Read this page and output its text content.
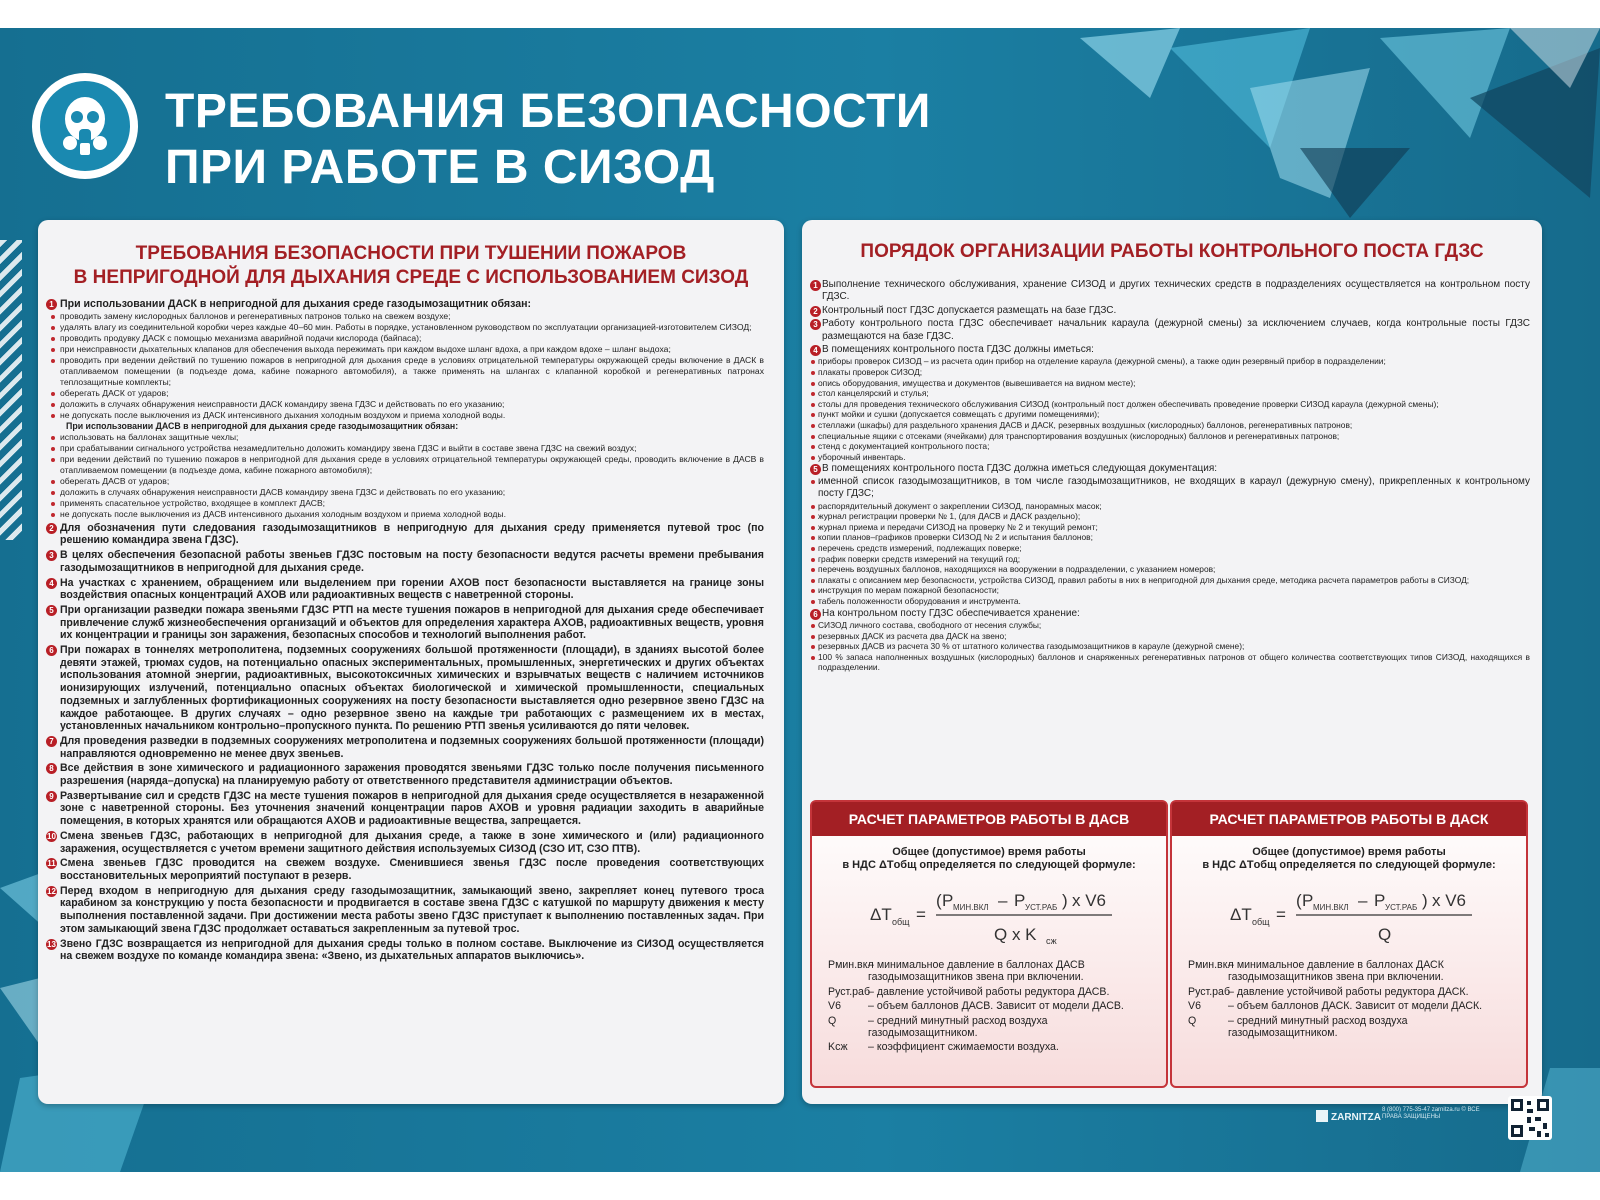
ТРЕБОВАНИЯ БЕЗОПАСНОСТИ
ПРИ РАБОТЕ В СИЗОД
ТРЕБОВАНИЯ БЕЗОПАСНОСТИ ПРИ ТУШЕНИИ ПОЖАРОВ
В НЕПРИГОДНОЙ ДЛЯ ДЫХАНИЯ СРЕДЕ С ИСПОЛЬЗОВАНИЕМ СИЗОД
1 При использовании ДАСК в непригодной для дыхания среде газодымозащитник обязан:
проводить замену кислородных баллонов и регенеративных патронов только на свежем воздухе;
удалять влагу из соединительной коробки через каждые 40–60 мин. Работы в порядке, установленном руководством по эксплуатации организацией-изготовителем СИЗОД;
проводить продувку ДАСК с помощью механизма аварийной подачи кислорода (байпаса);
при неисправности дыхательных клапанов для обеспечения выхода пережимать при каждом выдохе шланг вдоха, а при каждом вдохе – шланг выдоха;
проводить при ведении действий по тушению пожаров в непригодной для дыхания среде в условиях отрицательной температуры окружающей среды включение в ДАСК в отапливаемом помещении (в подъезде дома, кабине пожарного автомобиля), а также применять на шлангах с клапанной коробкой и регенеративных патронах теплозащитные комплекты;
оберегать ДАСК от ударов;
доложить в случаях обнаружения неисправности ДАСК командиру звена ГДЗС и действовать по его указанию;
не допускать после выключения из ДАСК интенсивного дыхания холодным воздухом и приема холодной воды.
При использовании ДАСВ в непригодной для дыхания среде газодымозащитник обязан:
использовать на баллонах защитные чехлы;
при срабатывании сигнального устройства незамедлительно доложить командиру звена ГДЗС и выйти в составе звена ГДЗС на свежий воздух;
при ведении действий по тушению пожаров в непригодной для дыхания среде в условиях отрицательной температуры окружающей среды, проводить включение в ДАСВ в отапливаемом помещении (в подъезде дома, кабине пожарного автомобиля);
оберегать ДАСВ от ударов;
доложить в случаях обнаружения неисправности ДАСВ командиру звена ГДЗС и действовать по его указанию;
применять спасательное устройство, входящее в комплект ДАСВ;
не допускать после выключения из ДАСВ интенсивного дыхания холодным воздухом и приема холодной воды.
2 Для обозначения пути следования газодымозащитников в непригодную для дыхания среду применяется путевой трос (по решению командира звена ГДЗС).
3 В целях обеспечения безопасной работы звеньев ГДЗС постовым на посту безопасности ведутся расчеты времени пребывания газодымозащитников в непригодной для дыхания среде.
4 На участках с хранением, обращением или выделением при горении АХОВ пост безопасности выставляется на границе зоны воздействия опасных концентраций АХОВ или радиоактивных веществ с наветренной стороны.
5 При организации разведки пожара звеньями ГДЗС РТП на месте тушения пожаров в непригодной для дыхания среде обеспечивает привлечение служб жизнеобеспечения организаций и объектов для определения характера АХОВ, радиоактивных веществ, уровня их концентрации и границы зон заражения, безопасных способов и технологий выполнения работ.
6 При пожарах в тоннелях метрополитена, подземных сооружениях большой протяженности (площади), в зданиях высотой более девяти этажей, трюмах судов, на потенциально опасных экспериментальных, промышленных, энергетических и других объектах использования атомной энергии, радиоактивных, высокотоксичных химических и взрывчатых веществ с наличием источников ионизирующих излучений, потенциально опасных объектах биологической и химической промышленности, специальных подземных и заглубленных фортификационных сооружениях на посту безопасности выставляется одно резервное звено ГДЗС на каждое работающее. В других случаях – одно резервное звено на каждые три работающих с размещением их в местах, установленных начальником контрольно–пропускного пункта. По решению РТП звенья усиливаются до пяти человек.
7 Для проведения разведки в подземных сооружениях метрополитена и подземных сооружениях большой протяженности (площади) направляются одновременно не менее двух звеньев.
8 Все действия в зоне химического и радиационного заражения проводятся звеньями ГДЗС только после получения письменного разрешения (наряда–допуска) на планируемую работу от ответственного представителя администрации объектов.
9 Развертывание сил и средств ГДЗС на месте тушения пожаров в непригодной для дыхания среде осуществляется в незараженной зоне с наветренной стороны. Без уточнения значений концентрации паров АХОВ и уровня радиации заходить в аварийные помещения, в которых хранятся или обращаются АХОВ и радиоактивные вещества, запрещается.
10 Смена звеньев ГДЗС, работающих в непригодной для дыхания среде, а также в зоне химического и (или) радиационного заражения, осуществляется с учетом времени защитного действия используемых СИЗОД (СЗО ИТ, СЗО ПТВ).
11 Смена звеньев ГДЗС проводится на свежем воздухе. Сменившиеся звенья ГДЗС после проведения соответствующих восстановительных мероприятий поступают в резерв.
12 Перед входом в непригодную для дыхания среду газодымозащитник, замыкающий звено, закрепляет конец путевого троса карабином за конструкцию у поста безопасности и продвигается в составе звена ГДЗС с катушкой по маршруту движения к месту выполнения поставленной задачи. При достижении места работы звено ГДЗС приступает к выполнению поставленных задач. При этом замыкающий звена ГДЗС продолжает оставаться закрепленным за путевой трос.
13 Звено ГДЗС возвращается из непригодной для дыхания среды только в полном составе. Выключение из СИЗОД осуществляется на свежем воздухе по команде командира звена: «Звено, из дыхательных аппаратов выключись».
ПОРЯДОК ОРГАНИЗАЦИИ РАБОТЫ КОНТРОЛЬНОГО ПОСТА ГДЗС
1 Выполнение технического обслуживания, хранение СИЗОД и других технических средств в подразделениях осуществляется на контрольном посту ГДЗС.
2 Контрольный пост ГДЗС допускается размещать на базе ГДЗС.
3 Работу контрольного поста ГДЗС обеспечивает начальник караула (дежурной смены) за исключением случаев, когда контрольные посты ГДЗС размещаются на базе ГДЗС.
4 В помещениях контрольного поста ГДЗС должны иметься:
приборы проверок СИЗОД – из расчета один прибор на отделение караула (дежурной смены), а также один резервный прибор в подразделении;
плакаты проверок СИЗОД;
опись оборудования, имущества и документов (вывешивается на видном месте);
стол канцелярский и стулья;
столы для проведения технического обслуживания СИЗОД (контрольный пост должен обеспечивать проведение проверки СИЗОД караула (дежурной смены);
пункт мойки и сушки (допускается совмещать с другими помещениями);
стеллажи (шкафы) для раздельного хранения ДАСВ и ДАСК, резервных воздушных (кислородных) баллонов, регенеративных патронов;
специальные ящики с отсеками (ячейками) для транспортирования воздушных (кислородных) баллонов и регенеративных патронов;
стенд с документацией контрольного поста;
уборочный инвентарь.
5 В помещениях контрольного поста ГДЗС должна иметься следующая документация:
именной список газодымозащитников, в том числе газодымозащитников, не входящих в караул (дежурную смену), прикрепленных к контрольному посту ГДЗС;
распорядительный документ о закреплении СИЗОД, панорамных масок;
журнал регистрации проверки № 1, (для ДАСВ и ДАСК раздельно);
журнал приема и передачи СИЗОД на проверку № 2 и текущий ремонт;
копии планов–графиков проверки СИЗОД № 2 и испытания баллонов;
перечень средств измерений, подлежащих поверке;
график поверки средств измерений на текущий год;
перечень воздушных баллонов, находящихся на вооружении в подразделении, с указанием номеров;
плакаты с описанием мер безопасности, устройства СИЗОД, правил работы в них в непригодной для дыхания среде, методика расчета параметров работы в СИЗОД;
инструкция по мерам пожарной безопасности;
табель положенности оборудования и инструмента.
6 На контрольном посту ГДЗС обеспечивается хранение:
СИЗОД личного состава, свободного от несения службы;
резервных ДАСК из расчета два ДАСК на звено;
резервных ДАСВ из расчета 30 % от штатного количества газодымозащитников в карауле (дежурной смене);
100 % запаса наполненных воздушных (кислородных) баллонов и снаряженных регенеративных патронов от общего количества соответствующих типов СИЗОД, находящихся в подразделении.
РАСЧЕТ ПАРАМЕТРОВ РАБОТЫ В ДАСВ
Общее (допустимое) время работы
в НДС ΔTобщ определяется по следующей формуле:
ΔT общ =
( P МИН.ВКЛ – P УСТ.РАБ ) x V6
Q x K сж
Pмин.вкл
– минимальное давление в баллонах ДАСВ газодымозащитников звена при включении.
Pуст.раб
– давление устойчивой работы редуктора ДАСВ.
V6	– объем баллонов ДАСВ. Зависит от модели ДАСВ.
Q	– средний минутный расход воздуха газодымозащитником.
Kсж	– коэффициент сжимаемости воздуха.
РАСЧЕТ ПАРАМЕТРОВ РАБОТЫ В ДАСК
Общее (допустимое) время работы
в НДС ΔTобщ определяется по следующей формуле:
ΔT общ =
( P МИН.ВКЛ – P УСТ.РАБ ) x V6
Q
Pмин.вкл
– минимальное давление в баллонах ДАСК газодымозащитников звена при включении.
Pуст.раб
– давление устойчивой работы редуктора ДАСК.
V6	– объем баллонов ДАСК. Зависит от модели ДАСК.
Q	– средний минутный расход воздуха газодымозащитником.
ZARNITZA
8 (800) 775-35-47 zarnitza.ru © ВСЕ ПРАВА ЗАЩИЩЕНЫ
